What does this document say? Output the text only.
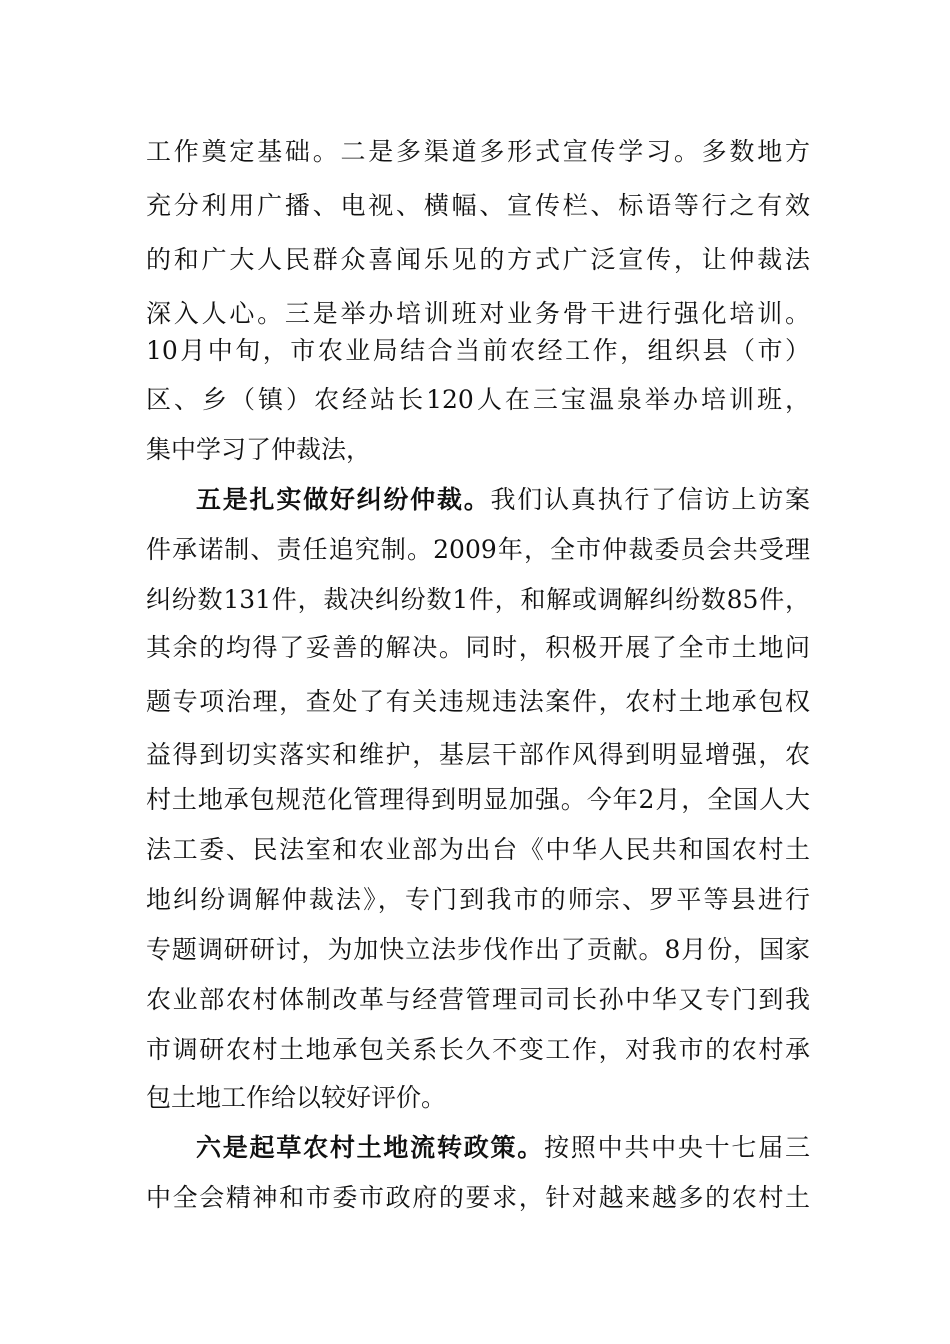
工作奠定基础。二是多渠道多形式宣传学习。多数地方
充分利用广播、电视、横幅、宣传栏、标语等行之有效
的和广大人民群众喜闻乐见的方式广泛宣传，让仲裁法
深入人心。三是举办培训班对业务骨干进行强化培训。
10月中旬，市农业局结合当前农经工作，组织县（市）
区、乡（镇）农经站长120人在三宝温泉举办培训班，
集中学习了仲裁法，
五是扎实做好纠纷仲裁。我们认真执行了信访上访案
件承诺制、责任追究制。2009年，全市仲裁委员会共受理
纠纷数131件，裁决纠纷数1件，和解或调解纠纷数85件，
其余的均得了妥善的解决。同时，积极开展了全市土地问
题专项治理，查处了有关违规违法案件，农村土地承包权
益得到切实落实和维护，基层干部作风得到明显增强，农
村土地承包规范化管理得到明显加强。今年2月，全国人大
法工委、民法室和农业部为出台《中华人民共和国农村土
地纠纷调解仲裁法》，专门到我市的师宗、罗平等县进行
专题调研研讨，为加快立法步伐作出了贡献。8月份，国家
农业部农村体制改革与经营管理司司长孙中华又专门到我
市调研农村土地承包关系长久不变工作，对我市的农村承
包土地工作给以较好评价。
六是起草农村土地流转政策。按照中共中央十七届三
中全会精神和市委市政府的要求，针对越来越多的农村土
